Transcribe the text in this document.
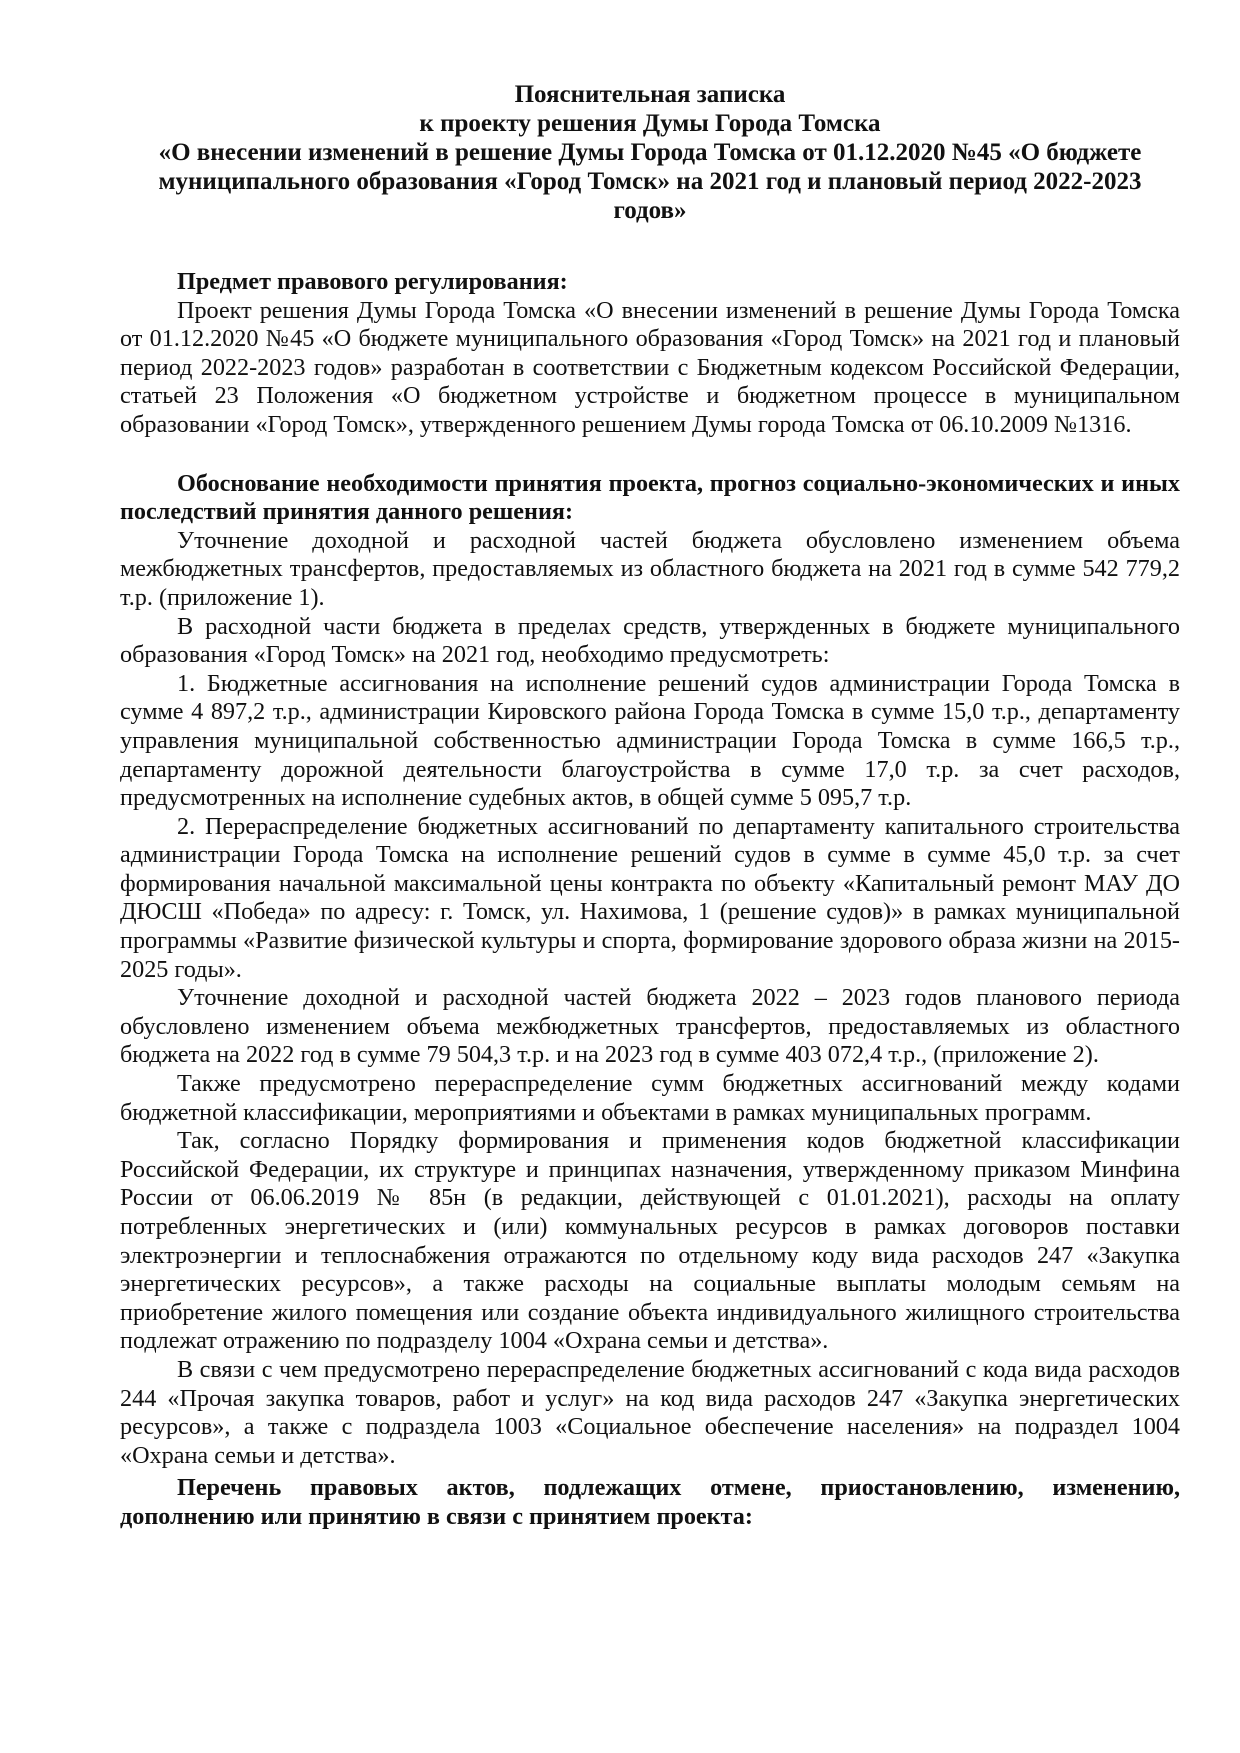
Пояснительная записка
к проекту решения Думы Города Томска
«О внесении изменений в решение Думы Города Томска от 01.12.2020 №45 «О бюджете муниципального образования «Город Томск» на 2021 год и плановый период 2022-2023 годов»

Предмет правового регулирования:

Проект решения Думы Города Томска «О внесении изменений в решение Думы Города Томска от 01.12.2020 №45 «О бюджете муниципального образования «Город Томск» на 2021 год и плановый период 2022-2023 годов» разработан в соответствии с Бюджетным кодексом Российской Федерации, статьей 23 Положения «О бюджетном устройстве и бюджетном процессе в муниципальном образовании «Город Томск», утвержденного решением Думы города Томска от 06.10.2009 №1316.

Обоснование необходимости принятия проекта, прогноз социально-экономических и иных последствий принятия данного решения:

Уточнение доходной и расходной частей бюджета обусловлено изменением объема межбюджетных трансфертов, предоставляемых из областного бюджета на 2021 год в сумме 542 779,2 т.р. (приложение 1).

В расходной части бюджета в пределах средств, утвержденных в бюджете муниципального образования «Город Томск» на 2021 год, необходимо предусмотреть:

1. Бюджетные ассигнования на исполнение решений судов администрации Города Томска в сумме 4 897,2 т.р., администрации Кировского района Города Томска в сумме 15,0 т.р., департаменту управления муниципальной собственностью администрации Города Томска в сумме 166,5 т.р., департаменту дорожной деятельности благоустройства в сумме 17,0 т.р. за счет расходов, предусмотренных на исполнение судебных актов, в общей сумме 5 095,7 т.р.

2. Перераспределение бюджетных ассигнований по департаменту капитального строительства администрации Города Томска на исполнение решений судов в сумме в сумме 45,0 т.р. за счет формирования начальной максимальной цены контракта по объекту «Капитальный ремонт МАУ ДО ДЮСШ «Победа» по адресу: г. Томск, ул. Нахимова, 1 (решение судов)» в рамках муниципальной программы «Развитие физической культуры и спорта, формирование здорового образа жизни на 2015-2025 годы».

Уточнение доходной и расходной частей бюджета 2022 – 2023 годов планового периода обусловлено изменением объема межбюджетных трансфертов, предоставляемых из областного бюджета на 2022 год в сумме 79 504,3 т.р. и на 2023 год в сумме 403 072,4 т.р., (приложение 2).

Также предусмотрено перераспределение сумм бюджетных ассигнований между кодами бюджетной классификации, мероприятиями и объектами в рамках муниципальных программ.

Так, согласно Порядку формирования и применения кодов бюджетной классификации Российской Федерации, их структуре и принципах назначения, утвержденному приказом Минфина России от 06.06.2019 № 85н (в редакции, действующей с 01.01.2021), расходы на оплату потребленных энергетических и (или) коммунальных ресурсов в рамках договоров поставки электроэнергии и теплоснабжения отражаются по отдельному коду вида расходов 247 «Закупка энергетических ресурсов», а также расходы на социальные выплаты молодым семьям на приобретение жилого помещения или создание объекта индивидуального жилищного строительства подлежат отражению по подразделу 1004 «Охрана семьи и детства».

В связи с чем предусмотрено перераспределение бюджетных ассигнований с кода вида расходов 244 «Прочая закупка товаров, работ и услуг» на код вида расходов 247 «Закупка энергетических ресурсов», а также с подраздела 1003 «Социальное обеспечение населения» на подраздел 1004 «Охрана семьи и детства».

Перечень правовых актов, подлежащих отмене, приостановлению, изменению, дополнению или принятию в связи с принятием проекта:
